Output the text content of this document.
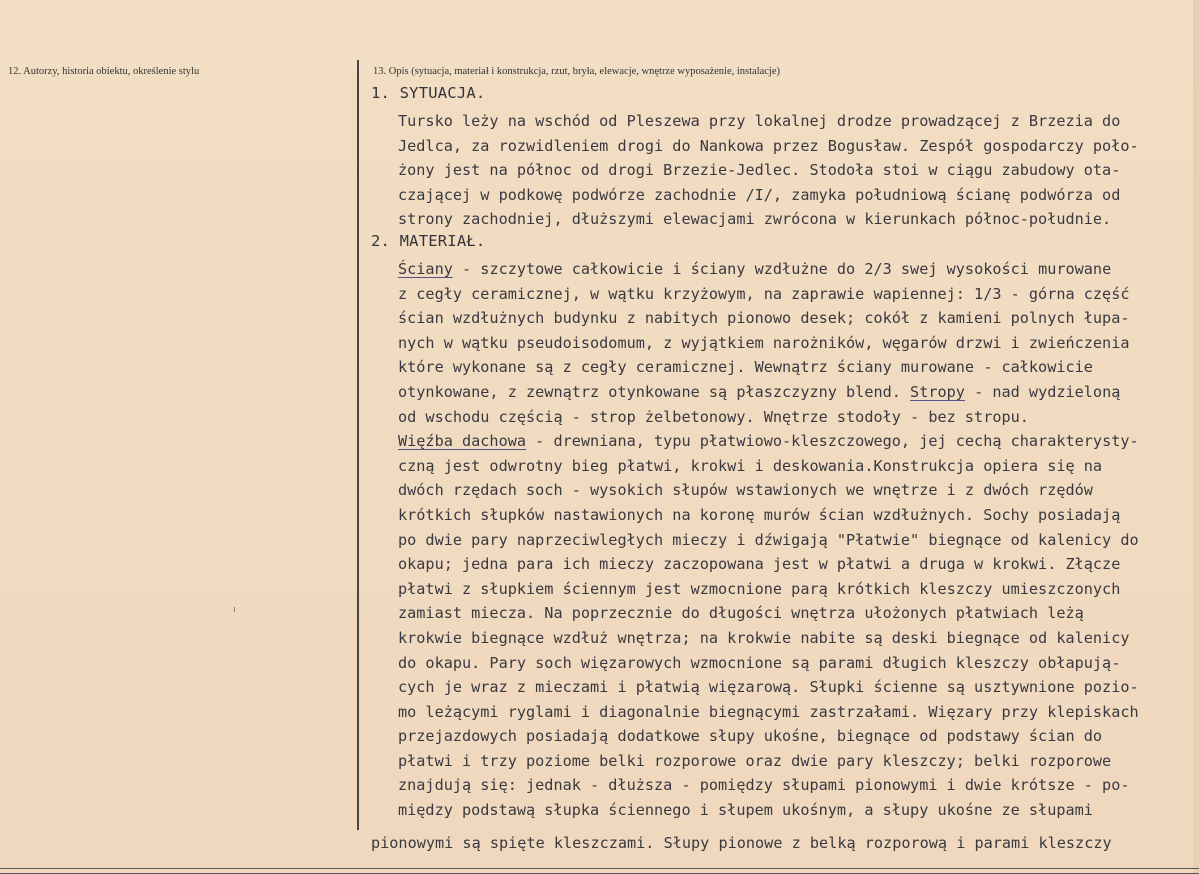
12. Autorzy, historia obiektu, określenie stylu	13. Opis (sytuacja, materiał i konstrukcja, rzut, bryła, elewacje, wnętrze wyposażenie, instalacje)
1. SYTUACJA.
Tursko leży na wschód od Pleszewa przy lokalnej drodze prowadzącej z Brzezia do
Jedlca, za rozwidleniem drogi do Nankowa przez Bogusław. Zespół gospodarczy poło-
żony jest na północ od drogi Brzezie-Jedlec. Stodoła stoi w ciągu zabudowy ota-
czającej w podkowę podwórze zachodnie /I/, zamyka południową ścianę podwórza od
strony zachodniej, dłuższymi elewacjami zwrócona w kierunkach północ-południe.
2. MATERIAŁ.
Ściany - szczytowe całkowicie i ściany wzdłużne do 2/3 swej wysokości murowane
z cegły ceramicznej, w wątku krzyżowym, na zaprawie wapiennej: 1/3 - górna część
ścian wzdłużnych budynku z nabitych pionowo desek; cokół z kamieni polnych łupa-
nych w wątku pseudoisodomum, z wyjątkiem narożników, węgarów drzwi i zwieńczenia
które wykonane są z cegły ceramicznej. Wewnątrz ściany murowane - całkowicie
otynkowane, z zewnątrz otynkowane są płaszczyzny blend. Stropy - nad wydzieloną
od wschodu częścią - strop żelbetonowy. Wnętrze stodoły - bez stropu.
Więźba dachowa - drewniana, typu płatwiowo-kleszczowego, jej cechą charakterysty-
czną jest odwrotny bieg płatwi, krokwi i deskowania.Konstrukcja opiera się na
dwóch rzędach soch - wysokich słupów wstawionych we wnętrze i z dwóch rzędów
krótkich słupków nastawionych na koronę murów ścian wzdłużnych. Sochy posiadają
po dwie pary naprzeciwległych mieczy i dźwigają "Płatwie" biegnące od kalenicy do
okapu; jedna para ich mieczy zaczopowana jest w płatwi a druga w krokwi. Złącze
płatwi z słupkiem ściennym jest wzmocnione parą krótkich kleszczy umieszczonych
zamiast miecza. Na poprzecznie do długości wnętrza ułożonych płatwiach leżą
krokwie biegnące wzdłuż wnętrza; na krokwie nabite są deski biegnące od kalenicy
do okapu. Pary soch więzarowych wzmocnione są parami długich kleszczy obłapują-
cych je wraz z mieczami i płatwią więzarową. Słupki ścienne są usztywnione pozio-
mo leżącymi ryglami i diagonalnie biegnącymi zastrzałami. Więzary przy klepiskach
przejazdowych posiadają dodatkowe słupy ukośne, biegnące od podstawy ścian do
płatwi i trzy poziome belki rozporowe oraz dwie pary kleszczy; belki rozporowe
znajdują się: jednak - dłuższa - pomiędzy słupami pionowymi i dwie krótsze - po-
między podstawą słupka ściennego i słupem ukośnym, a słupy ukośne ze słupami
pionowymi są spięte kleszczami. Słupy pionowe z belką rozporową i parami kleszczy
